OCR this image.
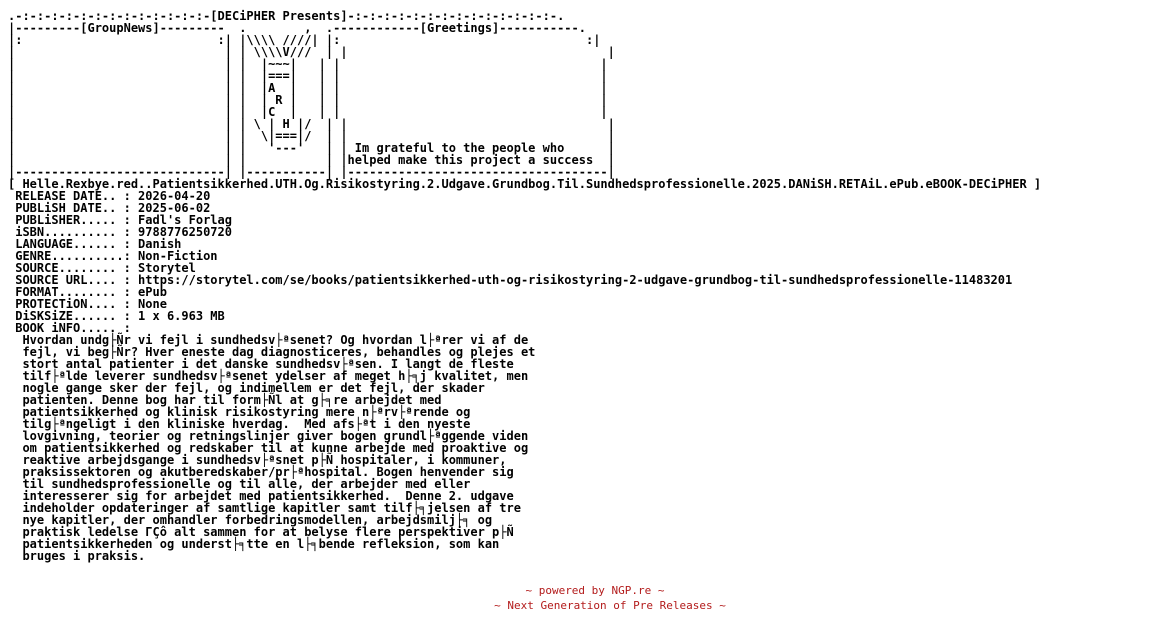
.-:-:-:-:-:-:-:-:-:-:-:-:-:-[DECiPHER Presents]-:-:-:-:-:-:-:-:-:-:-:-:-:-:-.
|---------[GroupNews]---------  .        ,  .------------[Greetings]-----------.
|:                           :| |\\\\ ////| |:                                  :|
|                             | | \\\\V///  | |                                    |
|                             | |  |~~~|   | |                                    |
|                             | |  |===|   | |                                    |
|                             | |  |A  |   | |                                    |
|                             | |  | R |   | |                                    |
|                             | |  |C  |   | |                                    |
|                             | | \ | H |/  | |                                    |
|                             | |  \|===|/  | |                                    |
|                             | |   '---'   | | Im grateful to the people who      |
|                             | |           | |helped make this project a success  |
|-----------------------------| |-----------| |------------------------------------|
[ Helle.Rexbye.red..Patientsikkerhed.UTH.Og.Risikostyring.2.Udgave.Grundbog.Til.Sundhedsprofessionelle.2025.DANiSH.RETAiL.ePub.eBOOK-DECiPHER ]
RELEASE DATE.. : 2026-04-20
PUBLiSH DATE.. : 2025-06-02
PUBLiSHER..... : Fadl's Forlag
iSBN.......... : 9788776250720
LANGUAGE...... : Danish
GENRE..........: Non-Fiction
SOURCE........ : Storytel
SOURCE URL.... : https://storytel.com/se/books/patientsikkerhed-uth-og-risikostyring-2-udgave-grundbog-til-sundhedsprofessionelle-11483201
FORMAT........ : ePub
PROTECTiON.... : None
DiSKSiZE...... : 1 x 6.963 MB
BOOK iNFO..... :
Hvordan undg├Ñr vi fejl i sundhedsv├ªsenet? Og hvordan l├ªrer vi af de
fejl, vi beg├Ñr? Hver eneste dag diagnosticeres, behandles og plejes et
stort antal patienter i det danske sundhedsv├ªsen. I langt de fleste
tilf├ªlde leverer sundhedsv├ªsenet ydelser af meget h├╕j kvalitet, men
nogle gange sker der fejl, og indimellem er det fejl, der skader
patienten. Denne bog har til form├Ñl at g├╕re arbejdet med
patientsikkerhed og klinisk risikostyring mere n├ªrv├ªrende og
tilg├ªngeligt i den kliniske hverdag.  Med afs├ªt i den nyeste
lovgivning, teorier og retningslinjer giver bogen grundl├ªggende viden
om patientsikkerhed og redskaber til at kunne arbejde med proaktive og
reaktive arbejdsgange i sundhedsv├ªsnet p├Ñ hospitaler, i kommuner,
praksissektoren og akutberedskaber/pr├ªhospital. Bogen henvender sig
til sundhedsprofessionelle og til alle, der arbejder med eller
interesserer sig for arbejdet med patientsikkerhed.  Denne 2. udgave
indeholder opdateringer af samtlige kapitler samt tilf├╕jelsen af tre
nye kapitler, der omhandler forbedringsmodellen, arbejdsmilj├╕ og
praktisk ledelse ΓÇô alt sammen for at belyse flere perspektiver p├Ñ
patientsikkerheden og underst├╕tte en l├╕bende refleksion, som kan
bruges i praksis.
~ powered by NGP.re ~
~ Next Generation of Pre Releases ~
